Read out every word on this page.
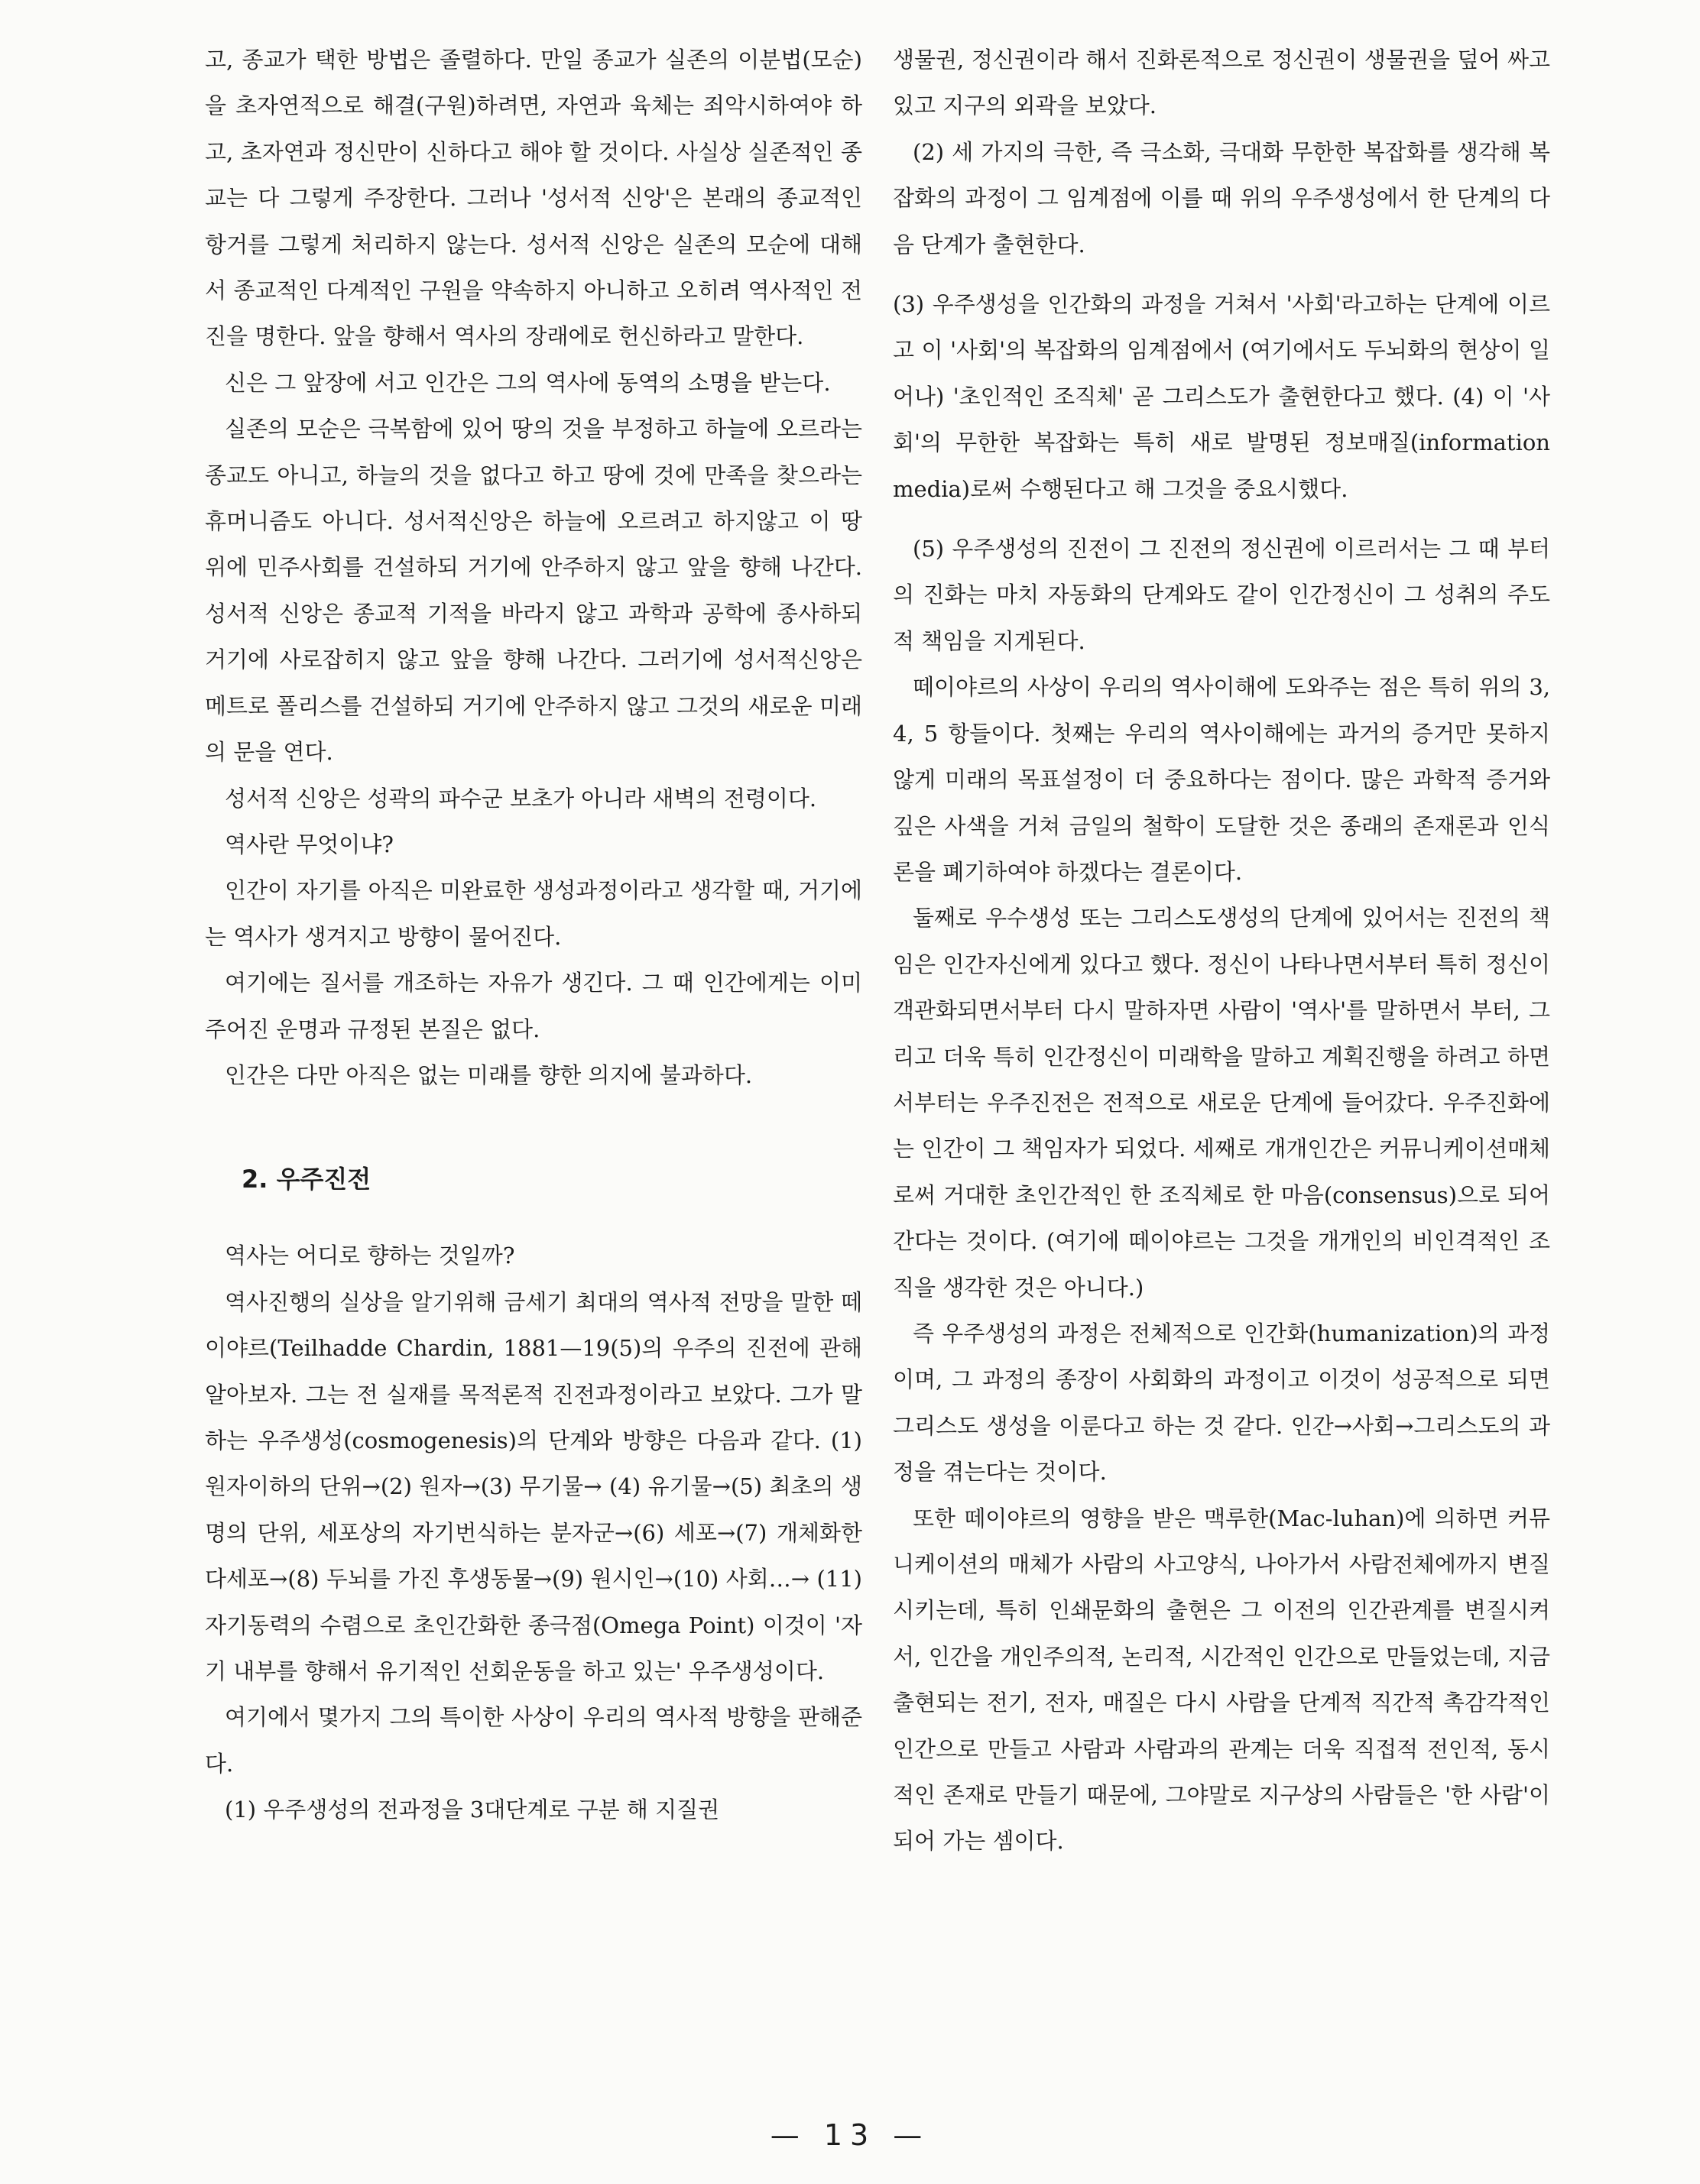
고, 종교가 택한 방법은 졸렬하다. 만일 종교가 실존의 이분법(모순)을 초자연적으로 해결(구원)하려면, 자연과 육체는 죄악시하여야 하고, 초자연과 정신만이 신하다고 해야 할 것이다. 사실상 실존적인 종교는 다 그렇게 주장한다. 그러나 '성서적 신앙'은 본래의 종교적인 항거를 그렇게 처리하지 않는다. 성서적 신앙은 실존의 모순에 대해서 종교적인 다계적인 구원을 약속하지 아니하고 오히려 역사적인 전진을 명한다. 앞을 향해서 역사의 장래에로 헌신하라고 말한다.

신은 그 앞장에 서고 인간은 그의 역사에 동역의 소명을 받는다.

실존의 모순은 극복함에 있어 땅의 것을 부정하고 하늘에 오르라는 종교도 아니고, 하늘의 것을 없다고 하고 땅에 것에 만족을 찾으라는 휴머니즘도 아니다. 성서적신앙은 하늘에 오르려고 하지않고 이 땅 위에 민주사회를 건설하되 거기에 안주하지 않고 앞을 향해 나간다. 성서적 신앙은 종교적 기적을 바라지 않고 과학과 공학에 종사하되 거기에 사로잡히지 않고 앞을 향해 나간다. 그러기에 성서적신앙은 메트로 폴리스를 건설하되 거기에 안주하지 않고 그것의 새로운 미래의 문을 연다.

성서적 신앙은 성곽의 파수군 보초가 아니라 새벽의 전령이다.

역사란 무엇이냐?

인간이 자기를 아직은 미완료한 생성과정이라고 생각할 때, 거기에는 역사가 생겨지고 방향이 물어진다.

여기에는 질서를 개조하는 자유가 생긴다. 그 때 인간에게는 이미 주어진 운명과 규정된 본질은 없다.

인간은 다만 아직은 없는 미래를 향한 의지에 불과하다.

2. 우주진전

역사는 어디로 향하는 것일까?

역사진행의 실상을 알기위해 금세기 최대의 역사적 전망을 말한 떼이야르(Teilhadde Chardin, 1881—19(5)의 우주의 진전에 관해 알아보자. 그는 전 실재를 목적론적 진전과정이라고 보았다. 그가 말하는 우주생성(cosmogenesis)의 단계와 방향은 다음과 같다. (1) 원자이하의 단위→(2) 원자→(3) 무기물→ (4) 유기물→(5) 최초의 생명의 단위, 세포상의 자기번식하는 분자군→(6) 세포→(7) 개체화한 다세포→(8) 두뇌를 가진 후생동물→(9) 원시인→(10) 사회…→ (11) 자기동력의 수렴으로 초인간화한 종극점(Omega Point) 이것이 '자기 내부를 향해서 유기적인 선회운동을 하고 있는' 우주생성이다.

여기에서 몇가지 그의 특이한 사상이 우리의 역사적 방향을 판해준다.

(1) 우주생성의 전과정을 3대단계로 구분 해 지질권

생물권, 정신권이라 해서 진화론적으로 정신권이 생물권을 덮어 싸고 있고 지구의 외곽을 보았다.

(2) 세 가지의 극한, 즉 극소화, 극대화 무한한 복잡화를 생각해 복잡화의 과정이 그 임계점에 이를 때 위의 우주생성에서 한 단계의 다음 단계가 출현한다.

(3) 우주생성을 인간화의 과정을 거쳐서 '사회'라고하는 단계에 이르고 이 '사회'의 복잡화의 임계점에서 (여기에서도 두뇌화의 현상이 일어나) '초인적인 조직체' 곧 그리스도가 출현한다고 했다. (4) 이 '사회'의 무한한 복잡화는 특히 새로 발명된 정보매질(information media)로써 수행된다고 해 그것을 중요시했다.

(5) 우주생성의 진전이 그 진전의 정신권에 이르러서는 그 때 부터의 진화는 마치 자동화의 단계와도 같이 인간정신이 그 성취의 주도적 책임을 지게된다.

떼이야르의 사상이 우리의 역사이해에 도와주는 점은 특히 위의 3, 4, 5 항들이다. 첫째는 우리의 역사이해에는 과거의 증거만 못하지 않게 미래의 목표설정이 더 중요하다는 점이다. 많은 과학적 증거와 깊은 사색을 거쳐 금일의 철학이 도달한 것은 종래의 존재론과 인식론을 폐기하여야 하겠다는 결론이다.

둘째로 우수생성 또는 그리스도생성의 단계에 있어서는 진전의 책임은 인간자신에게 있다고 했다. 정신이 나타나면서부터 특히 정신이 객관화되면서부터 다시 말하자면 사람이 '역사'를 말하면서 부터, 그리고 더욱 특히 인간정신이 미래학을 말하고 계획진행을 하려고 하면서부터는 우주진전은 전적으로 새로운 단계에 들어갔다. 우주진화에는 인간이 그 책임자가 되었다. 세째로 개개인간은 커뮤니케이션매체로써 거대한 초인간적인 한 조직체로 한 마음(consensus)으로 되어 간다는 것이다. (여기에 떼이야르는 그것을 개개인의 비인격적인 조직을 생각한 것은 아니다.)

즉 우주생성의 과정은 전체적으로 인간화(humanization)의 과정이며, 그 과정의 종장이 사회화의 과정이고 이것이 성공적으로 되면 그리스도 생성을 이룬다고 하는 것 같다. 인간→사회→그리스도의 과정을 겪는다는 것이다.

또한 떼이야르의 영향을 받은 맥루한(Mac-luhan)에 의하면 커뮤니케이션의 매체가 사람의 사고양식, 나아가서 사람전체에까지 변질시키는데, 특히 인쇄문화의 출현은 그 이전의 인간관계를 변질시켜서, 인간을 개인주의적, 논리적, 시간적인 인간으로 만들었는데, 지금 출현되는 전기, 전자, 매질은 다시 사람을 단계적 직간적 촉감각적인 인간으로 만들고 사람과 사람과의 관계는 더욱 직접적 전인적, 동시적인 존재로 만들기 때문에, 그야말로 지구상의 사람들은 '한 사람'이 되어 가는 셈이다.

— 13 —
